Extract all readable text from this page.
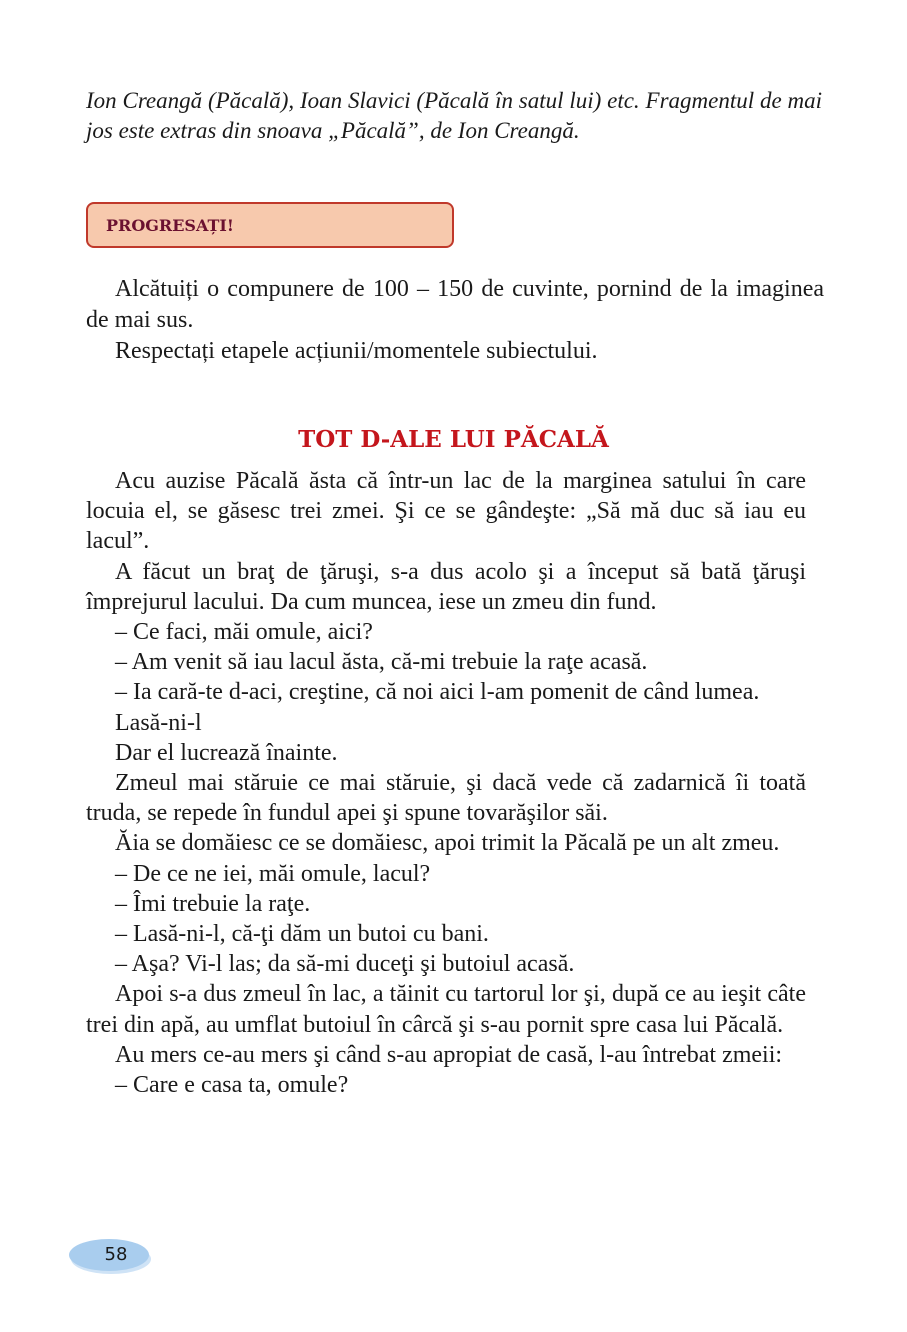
Ion Creangă (Păcală), Ioan Slavici (Păcală în satul lui) etc. Fragmentul de mai jos este extras din snoava „Păcală”, de Ion Creangă.

PROGRESAȚI!

Alcătuiți o compunere de 100 – 150 de cuvinte, pornind de la imaginea de mai sus.

Respectați etapele acțiunii/momentele subiectului.

TOT D-ALE LUI PĂCALĂ

Acu auzise Păcală ăsta că într-un lac de la marginea satului în care locuia el, se găsesc trei zmei. Şi ce se gândeşte: „Să mă duc să iau eu lacul”.

A făcut un braţ de ţăruşi, s-a dus acolo şi a început să bată ţăruşi împrejurul lacului. Da cum muncea, iese un zmeu din fund.

– Ce faci, măi omule, aici?

– Am venit să iau lacul ăsta, că-mi trebuie la raţe acasă.

– Ia cară-te d-aci, creştine, că noi aici l-am pomenit de când lumea.

Lasă-ni-l

Dar el lucrează înainte.

Zmeul mai stăruie ce mai stăruie, şi dacă vede că zadarnică îi toată truda, se repede în fundul apei şi spune tovarăşilor săi.

Ăia se domăiesc ce se domăiesc, apoi trimit la Păcală pe un alt zmeu.

– De ce ne iei, măi omule, lacul?

– Îmi trebuie la raţe.

– Lasă-ni-l, că-ţi dăm un butoi cu bani.

– Aşa? Vi-l las; da să-mi duceţi şi butoiul acasă.

Apoi s-a dus zmeul în lac, a tăinit cu tartorul lor şi, după ce au ieşit câte trei din apă, au umflat butoiul în cârcă şi s-au pornit spre casa lui Păcală.

Au mers ce-au mers şi când s-au apropiat de casă, l-au întrebat zmeii:

– Care e casa ta, omule?

58
